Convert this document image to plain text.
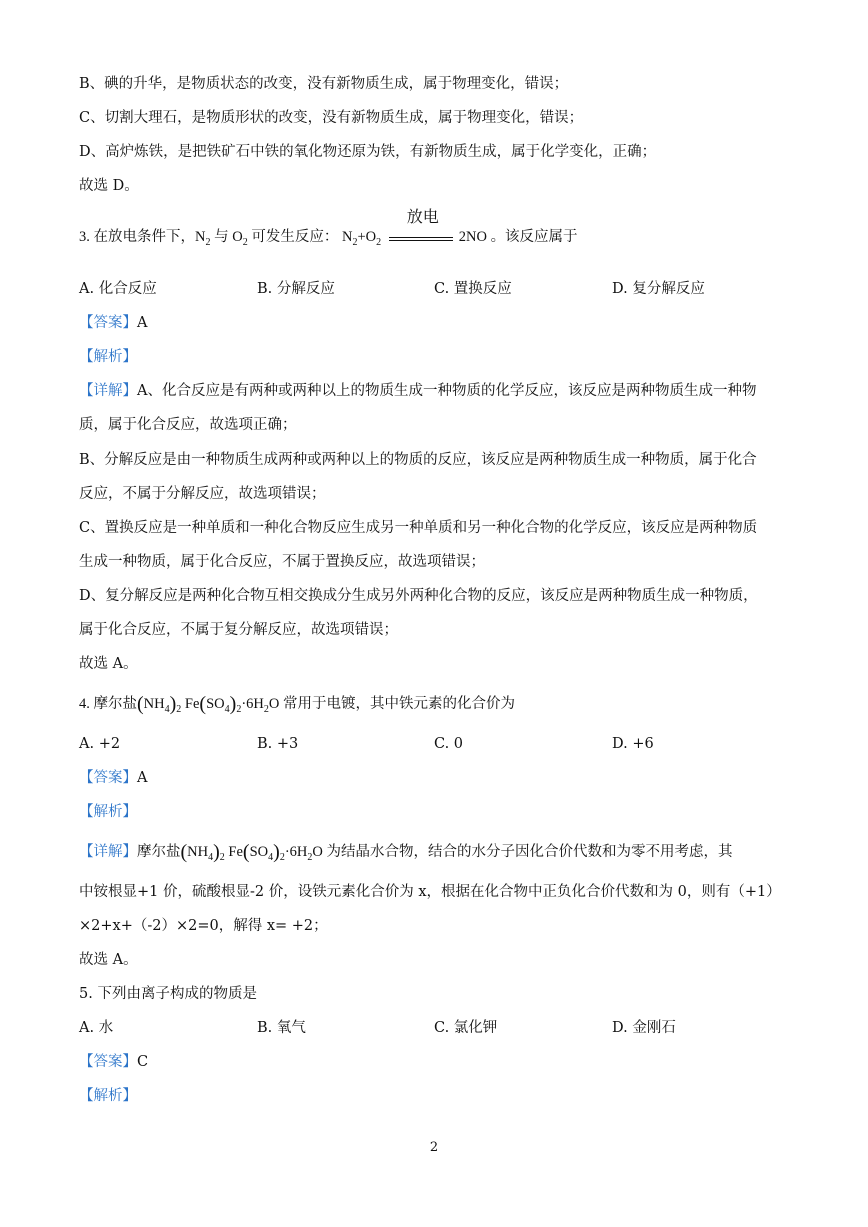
B、碘的升华，是物质状态的改变，没有新物质生成，属于物理变化，错误；
C、切割大理石，是物质形状的改变，没有新物质生成，属于物理变化，错误；
D、高炉炼铁，是把铁矿石中铁的氧化物还原为铁，有新物质生成，属于化学变化，正确；
故选 D。
3. 在放电条件下，$N_2$ 与 $O_2$ 可发生反应： $N_2+O_2$
放电
2NO 。该反应属于
A. 化合反应	B. 分解反应	C. 置换反应	D. 复分解反应
【答案】A
【解析】
【详解】A、化合反应是有两种或两种以上的物质生成一种物质的化学反应，该反应是两种物质生成一种物
质，属于化合反应，故选项正确；
B、分解反应是由一种物质生成两种或两种以上的物质的反应，该反应是两种物质生成一种物质，属于化合
反应，不属于分解反应，故选项错误；
C、置换反应是一种单质和一种化合物反应生成另一种单质和另一种化合物的化学反应，该反应是两种物质
生成一种物质，属于化合反应，不属于置换反应，故选项错误；
D、复分解反应是两种化合物互相交换成分生成另外两种化合物的反应，该反应是两种物质生成一种物质，
属于化合反应，不属于复分解反应，故选项错误；
故选 A。
4. 摩尔盐$(NH_4)_2$ $Fe(SO_4)_2\cdot 6H_2O$ 常用于电镀，其中铁元素的化合价为
A. +2	B. +3	C. 0	D. +6
【答案】A
【解析】
【详解】摩尔盐$(NH_4)_2$ $Fe(SO_4)_2\cdot 6H_2O$ 为结晶水合物，结合的水分子因化合价代数和为零不用考虑，其
中铵根显+1 价，硫酸根显-2 价，设铁元素化合价为 x，根据在化合物中正负化合价代数和为 0，则有（+1）
×2+x+（-2）×2=0，解得 x= +2；
故选 A。
5. 下列由离子构成的物质是
A. 水	B. 氧气	C. 氯化钾	D. 金刚石
【答案】C
【解析】
2
